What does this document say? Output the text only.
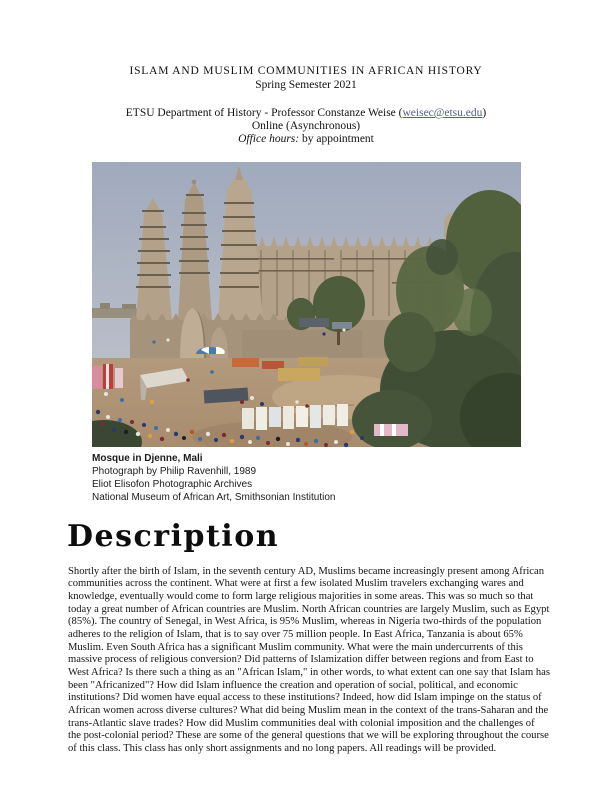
ISLAM AND MUSLIM COMMUNITIES IN AFRICAN HISTORY
Spring Semester 2021
ETSU Department of History - Professor Constanze Weise (weisec@etsu.edu)
Online (Asynchronous)
Office hours: by appointment
Mosque in Djenne, Mali
Photograph by Philip Ravenhill, 1989
Eliot Elisofon Photographic Archives
National Museum of African Art, Smithsonian Institution
Description

Shortly after the birth of Islam, in the seventh century AD, Muslims became increasingly present among African communities across the continent. What were at first a few isolated Muslim travelers exchanging wares and knowledge, eventually would come to form large religious majorities in some areas. This was so much so that today a great number of African countries are Muslim. North African countries are largely Muslim, such as Egypt (85%). The country of Senegal, in West Africa, is 95% Muslim, whereas in Nigeria two-thirds of the population adheres to the religion of Islam, that is to say over 75 million people. In East Africa, Tanzania is about 65% Muslim. Even South Africa has a significant Muslim community. What were the main undercurrents of this massive process of religious conversion? Did patterns of Islamization differ between regions and from East to West Africa? Is there such a thing as an "African Islam," in other words, to what extent can one say that Islam has been "Africanized"? How did Islam influence the creation and operation of social, political, and economic institutions? Did women have equal access to these institutions? Indeed, how did Islam impinge on the status of African women across diverse cultures? What did being Muslim mean in the context of the trans-Saharan and the trans-Atlantic slave trades? How did Muslim communities deal with colonial imposition and the challenges of the post-colonial period? These are some of the general questions that we will be exploring throughout the course of this class. This class has only short assignments and no long papers. All readings will be provided.
